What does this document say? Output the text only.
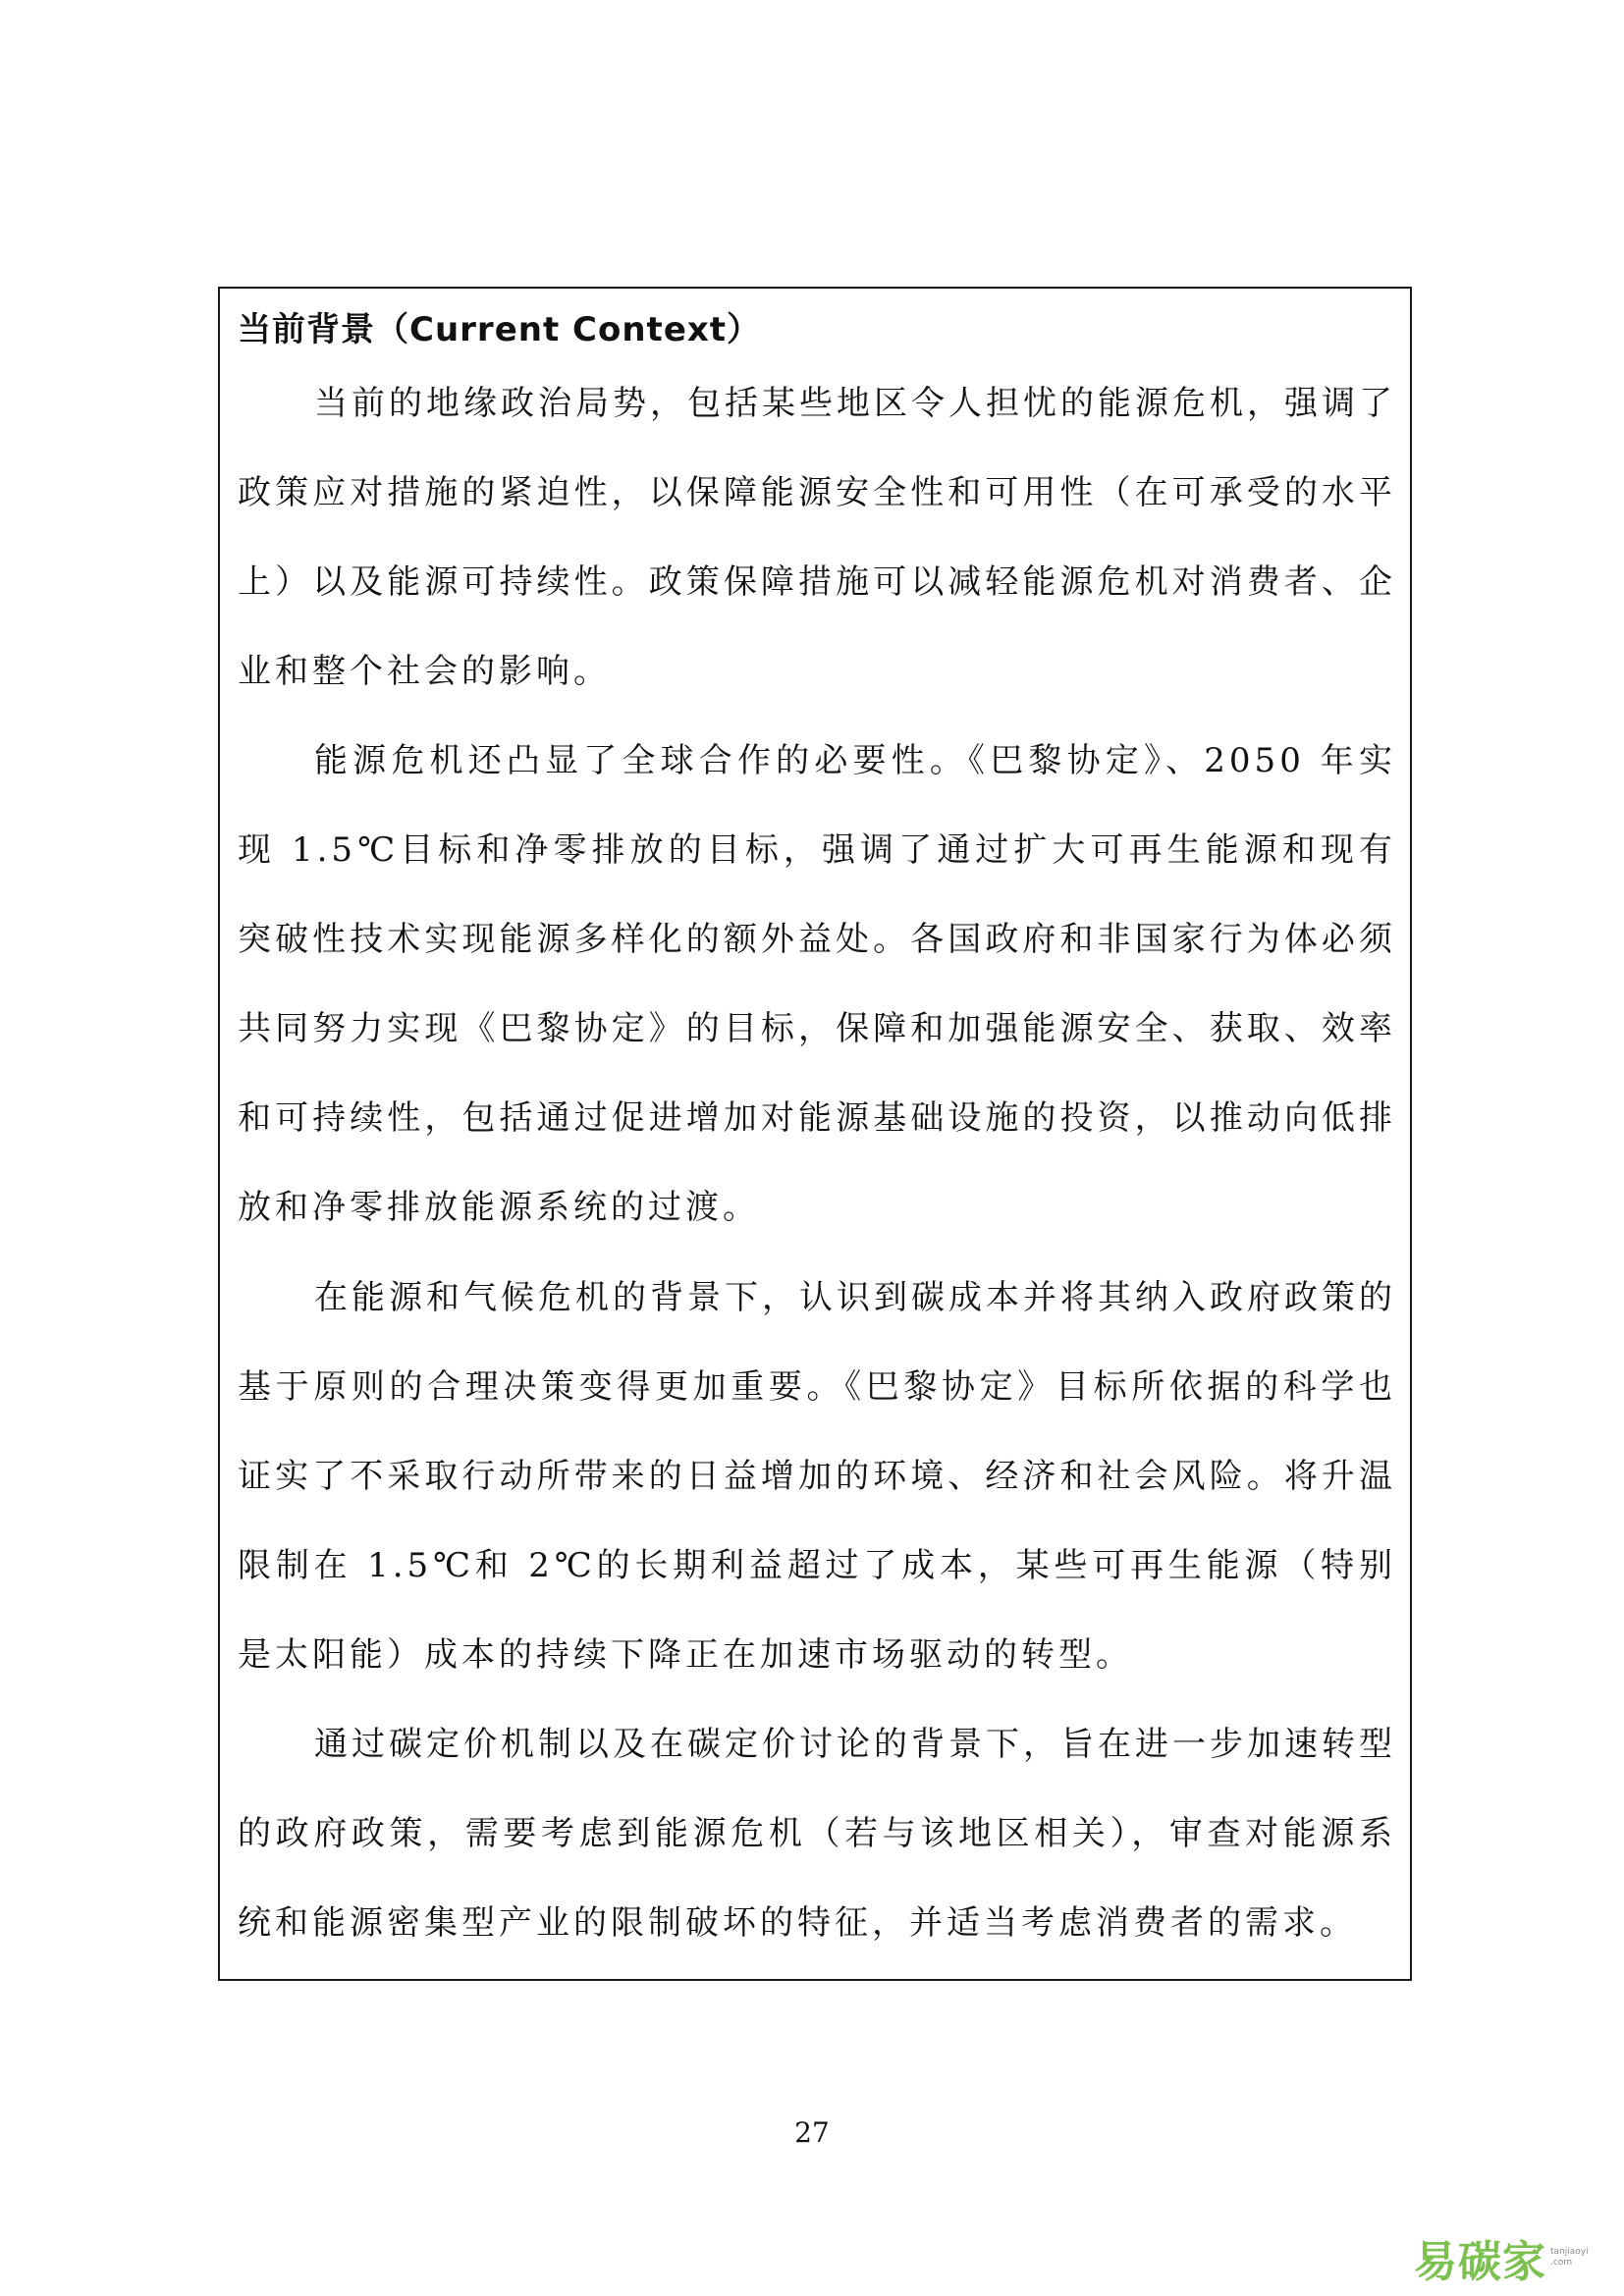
当前背景（Current Context）

当前的地缘政治局势，包括某些地区令人担忧的能源危机，强调了政策应对措施的紧迫性，以保障能源安全性和可用性（在可承受的水平上）以及能源可持续性。政策保障措施可以减轻能源危机对消费者、企业和整个社会的影响。

能源危机还凸显了全球合作的必要性。《巴黎协定》、2050 年实现 1.5℃目标和净零排放的目标，强调了通过扩大可再生能源和现有突破性技术实现能源多样化的额外益处。各国政府和非国家行为体必须共同努力实现《巴黎协定》的目标，保障和加强能源安全、获取、效率和可持续性，包括通过促进增加对能源基础设施的投资，以推动向低排放和净零排放能源系统的过渡。

在能源和气候危机的背景下，认识到碳成本并将其纳入政府政策的基于原则的合理决策变得更加重要。《巴黎协定》目标所依据的科学也证实了不采取行动所带来的日益增加的环境、经济和社会风险。将升温限制在 1.5℃和 2℃的长期利益超过了成本，某些可再生能源（特别是太阳能）成本的持续下降正在加速市场驱动的转型。

通过碳定价机制以及在碳定价讨论的背景下，旨在进一步加速转型的政府政策，需要考虑到能源危机（若与该地区相关），审查对能源系统和能源密集型产业的限制破坏的特征，并适当考虑消费者的需求。

27
易碳家 tanjiaoyi
.com
